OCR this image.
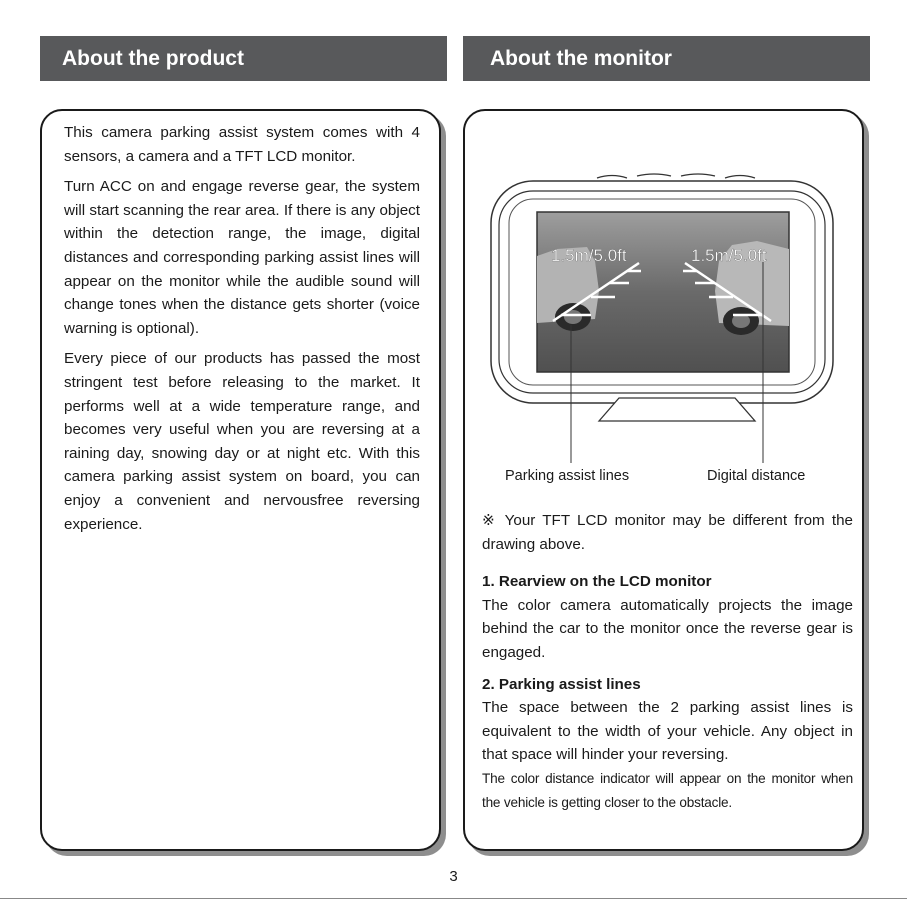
About the product	About the monitor

This camera parking assist system comes with 4 sensors, a camera and a TFT LCD monitor.

Turn ACC on and engage reverse gear, the system will start scanning the rear area. If there is any object within the detection range, the image, digital distances and corresponding parking assist lines will appear on the monitor while the audible sound will change tones when the distance gets shorter (voice warning is optional).

Every piece of our products has passed the most stringent test before releasing to the market. It performs well at a wide temperature range, and becomes very useful when you are reversing at a raining day, snowing day or at night etc. With this camera parking assist system on board, you can enjoy a convenient and nervousfree reversing experience.

1.5m/5.0ft	1.5m/5.0ft
Parking assist lines	Digital distance
※ Your TFT LCD monitor may be different from the drawing above.
1. Rearview on the LCD monitor
The color camera automatically projects the image behind the car to the monitor once the reverse gear is engaged.
2. Parking assist lines
The space between the 2 parking assist lines is equivalent to the width of your vehicle. Any object in that space will hinder your reversing.
The color distance indicator will appear on the monitor when the vehicle is getting closer to the obstacle.
3
